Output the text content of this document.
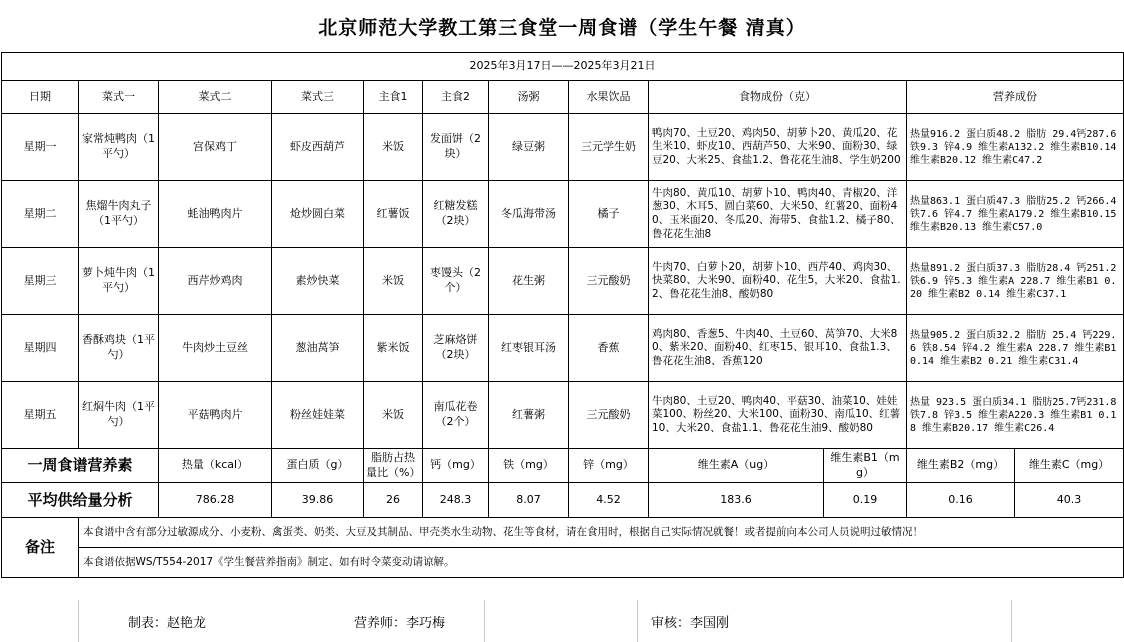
北京师范大学教工第三食堂一周食谱（学生午餐 清真）
2025年3月17日——2025年3月21日											
日期	菜式一	菜式二	菜式三	主食1	主食2	汤粥	水果饮品	食物成份（克）		营养成份	
星期一	家常炖鸭肉（1平勺）	宫保鸡丁	虾皮西葫芦	米饭	发面饼（2块）	绿豆粥	三元学生奶	鸭肉70、土豆20、鸡肉50、胡萝卜20、黄瓜20、花生米10、虾皮10、西葫芦50、大米90、面粉30、绿豆20、大米25、食盐1.2、鲁花花生油8、学生奶200		热量916.2 蛋白质48.2 脂肪 29.4钙287.6 铁9.3 锌4.9 维生素A132.2 维生素B10.14 维生素B20.12 维生素C47.2	
星期二	焦熘牛肉丸子（1平勺）	蚝油鸭肉片	炝炒圆白菜	红薯饭	红糖发糕（2块）	冬瓜海带汤	橘子	牛肉80、黄瓜10、胡萝卜10、鸭肉40、青椒20、洋葱30、木耳5、圆白菜60、大米50、红薯20、面粉40、玉米面20、冬瓜20、海带5、食盐1.2、橘子80、鲁花花生油8		热量863.1 蛋白质47.3 脂肪25.2 钙266.4 铁7.6 锌4.7 维生素A179.2 维生素B10.15 维生素B20.13 维生素C57.0	
星期三	萝卜炖牛肉（1平勺）	西芹炒鸡肉	素炒快菜	米饭	枣馒头（2个）	花生粥	三元酸奶	牛肉70、白萝卜20，胡萝卜10、西芹40、鸡肉30、快菜80、大米90、面粉40、花生5，大米20、食盐1.2、鲁花花生油8、酸奶80		热量891.2 蛋白质37.3 脂肪28.4 钙251.2 铁6.9 锌5.3 维生素A 228.7 维生素B1 0.20 维生素B2 0.14 维生素C37.1	
星期四	香酥鸡块（1平勺）	牛肉炒土豆丝	葱油莴笋	紫米饭	芝麻烙饼（2块）	红枣银耳汤	香蕉	鸡肉80、香葱5、牛肉40、土豆60、莴笋70、大米80、紫米20、面粉40、红枣15、银耳10、食盐1.3、鲁花花生油8、香蕉120		热量905.2 蛋白质32.2 脂肪 25.4 钙229.6 铁8.54 锌4.2 维生素A 228.7 维生素B1 0.14 维生素B2 0.21 维生素C31.4	
星期五	红焖牛肉（1平勺）	平菇鸭肉片	粉丝娃娃菜	米饭	南瓜花卷（2个）	红薯粥	三元酸奶	牛肉80、土豆20、鸭肉40、平菇30、油菜10、娃娃菜100、粉丝20、大米100、面粉30、南瓜10、红薯10、大米20、食盐1.1、鲁花花生油9、酸奶80		热量 923.5 蛋白质34.1 脂肪25.7钙231.8 铁7.8 锌3.5 维生素A220.3 维生素B1 0.18 维生素B20.17 维生素C26.4	
一周食谱营养素		热量（kcal）	蛋白质（g）	脂肪占热量比（%）	钙（mg）	铁（mg）	锌（mg）	维生素A（ug）	维生素B1（mg）	维生素B2（mg）	维生素C（mg）
平均供给量分析		786.28	39.86	26	248.3	8.07	4.52	183.6	0.19	0.16	40.3
备注	本食谱中含有部分过敏源成分、小麦粉、禽蛋类、奶类、大豆及其制品、甲壳类水生动物、花生等食材，请在食用时，根据自己实际情况就餐！或者提前向本公司人员说明过敏情况！										
	本食谱依据WS/T554-2017《学生餐营养指南》制定、如有时令菜变动请谅解。										
制表：赵艳龙	营养师：李巧梅	审核：李国刚
